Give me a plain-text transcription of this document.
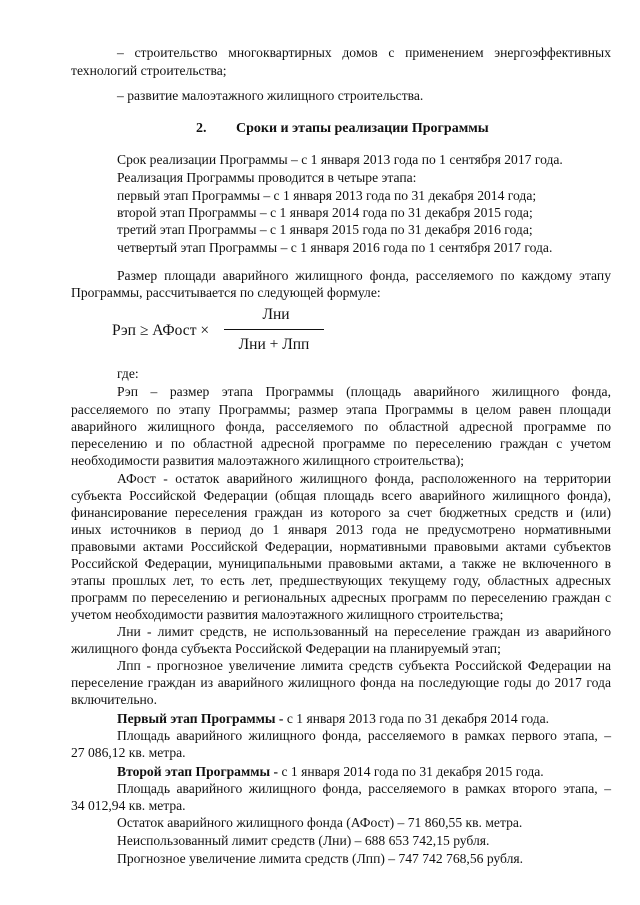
– строительство многоквартирных домов с применением энергоэффективных
технологий строительства;
– развитие малоэтажного жилищного строительства.
2. Сроки и этапы реализации Программы
Срок реализации Программы – с 1 января 2013 года по 1 сентября 2017 года.
Реализация Программы проводится в четыре этапа:
первый этап Программы – с 1 января 2013 года по 31 декабря 2014 года;
второй этап Программы – с 1 января 2014 года по 31 декабря 2015 года;
третий этап Программы – с 1 января 2015 года по 31 декабря 2016 года;
четвертый этап Программы – с 1 января 2016 года по 1 сентября 2017 года.
Размер площади аварийного жилищного фонда, расселяемого по каждому этапу
Программы, рассчитывается по следующей формуле:
Рэп ≥ АФост ×
Лни
Лни + Лпп
где:
Рэп – размер этапа Программы (площадь аварийного жилищного фонда,
расселяемого по этапу Программы; размер этапа Программы в целом равен площади
аварийного жилищного фонда, расселяемого по областной адресной программе по
переселению и по областной адресной программе по переселению граждан с учетом
необходимости развития малоэтажного жилищного строительства);
АФост - остаток аварийного жилищного фонда, расположенного на территории
субъекта Российской Федерации (общая площадь всего аварийного жилищного фонда),
финансирование переселения граждан из которого за счет бюджетных средств и (или)
иных источников в период до 1 января 2013 года не предусмотрено нормативными
правовыми актами Российской Федерации, нормативными правовыми актами субъектов
Российской Федерации, муниципальными правовыми актами, а также не включенного в
этапы прошлых лет, то есть лет, предшествующих текущему году, областных адресных
программ по переселению и региональных адресных программ по переселению граждан с
учетом необходимости развития малоэтажного жилищного строительства;
Лни - лимит средств, не использованный на переселение граждан из аварийного
жилищного фонда субъекта Российской Федерации на планируемый этап;
Лпп - прогнозное увеличение лимита средств субъекта Российской Федерации на
переселение граждан из аварийного жилищного фонда на последующие годы до 2017 года
включительно.
Первый этап Программы - с 1 января 2013 года по 31 декабря 2014 года.
Площадь аварийного жилищного фонда, расселяемого в рамках первого этапа, –
27 086,12 кв. метра.
Второй этап Программы - с 1 января 2014 года по 31 декабря 2015 года.
Площадь аварийного жилищного фонда, расселяемого в рамках второго этапа, –
34 012,94 кв. метра.
Остаток аварийного жилищного фонда (АФост) – 71 860,55 кв. метра.
Неиспользованный лимит средств (Лни) – 688 653 742,15 рубля.
Прогнозное увеличение лимита средств (Лпп) – 747 742 768,56 рубля.
